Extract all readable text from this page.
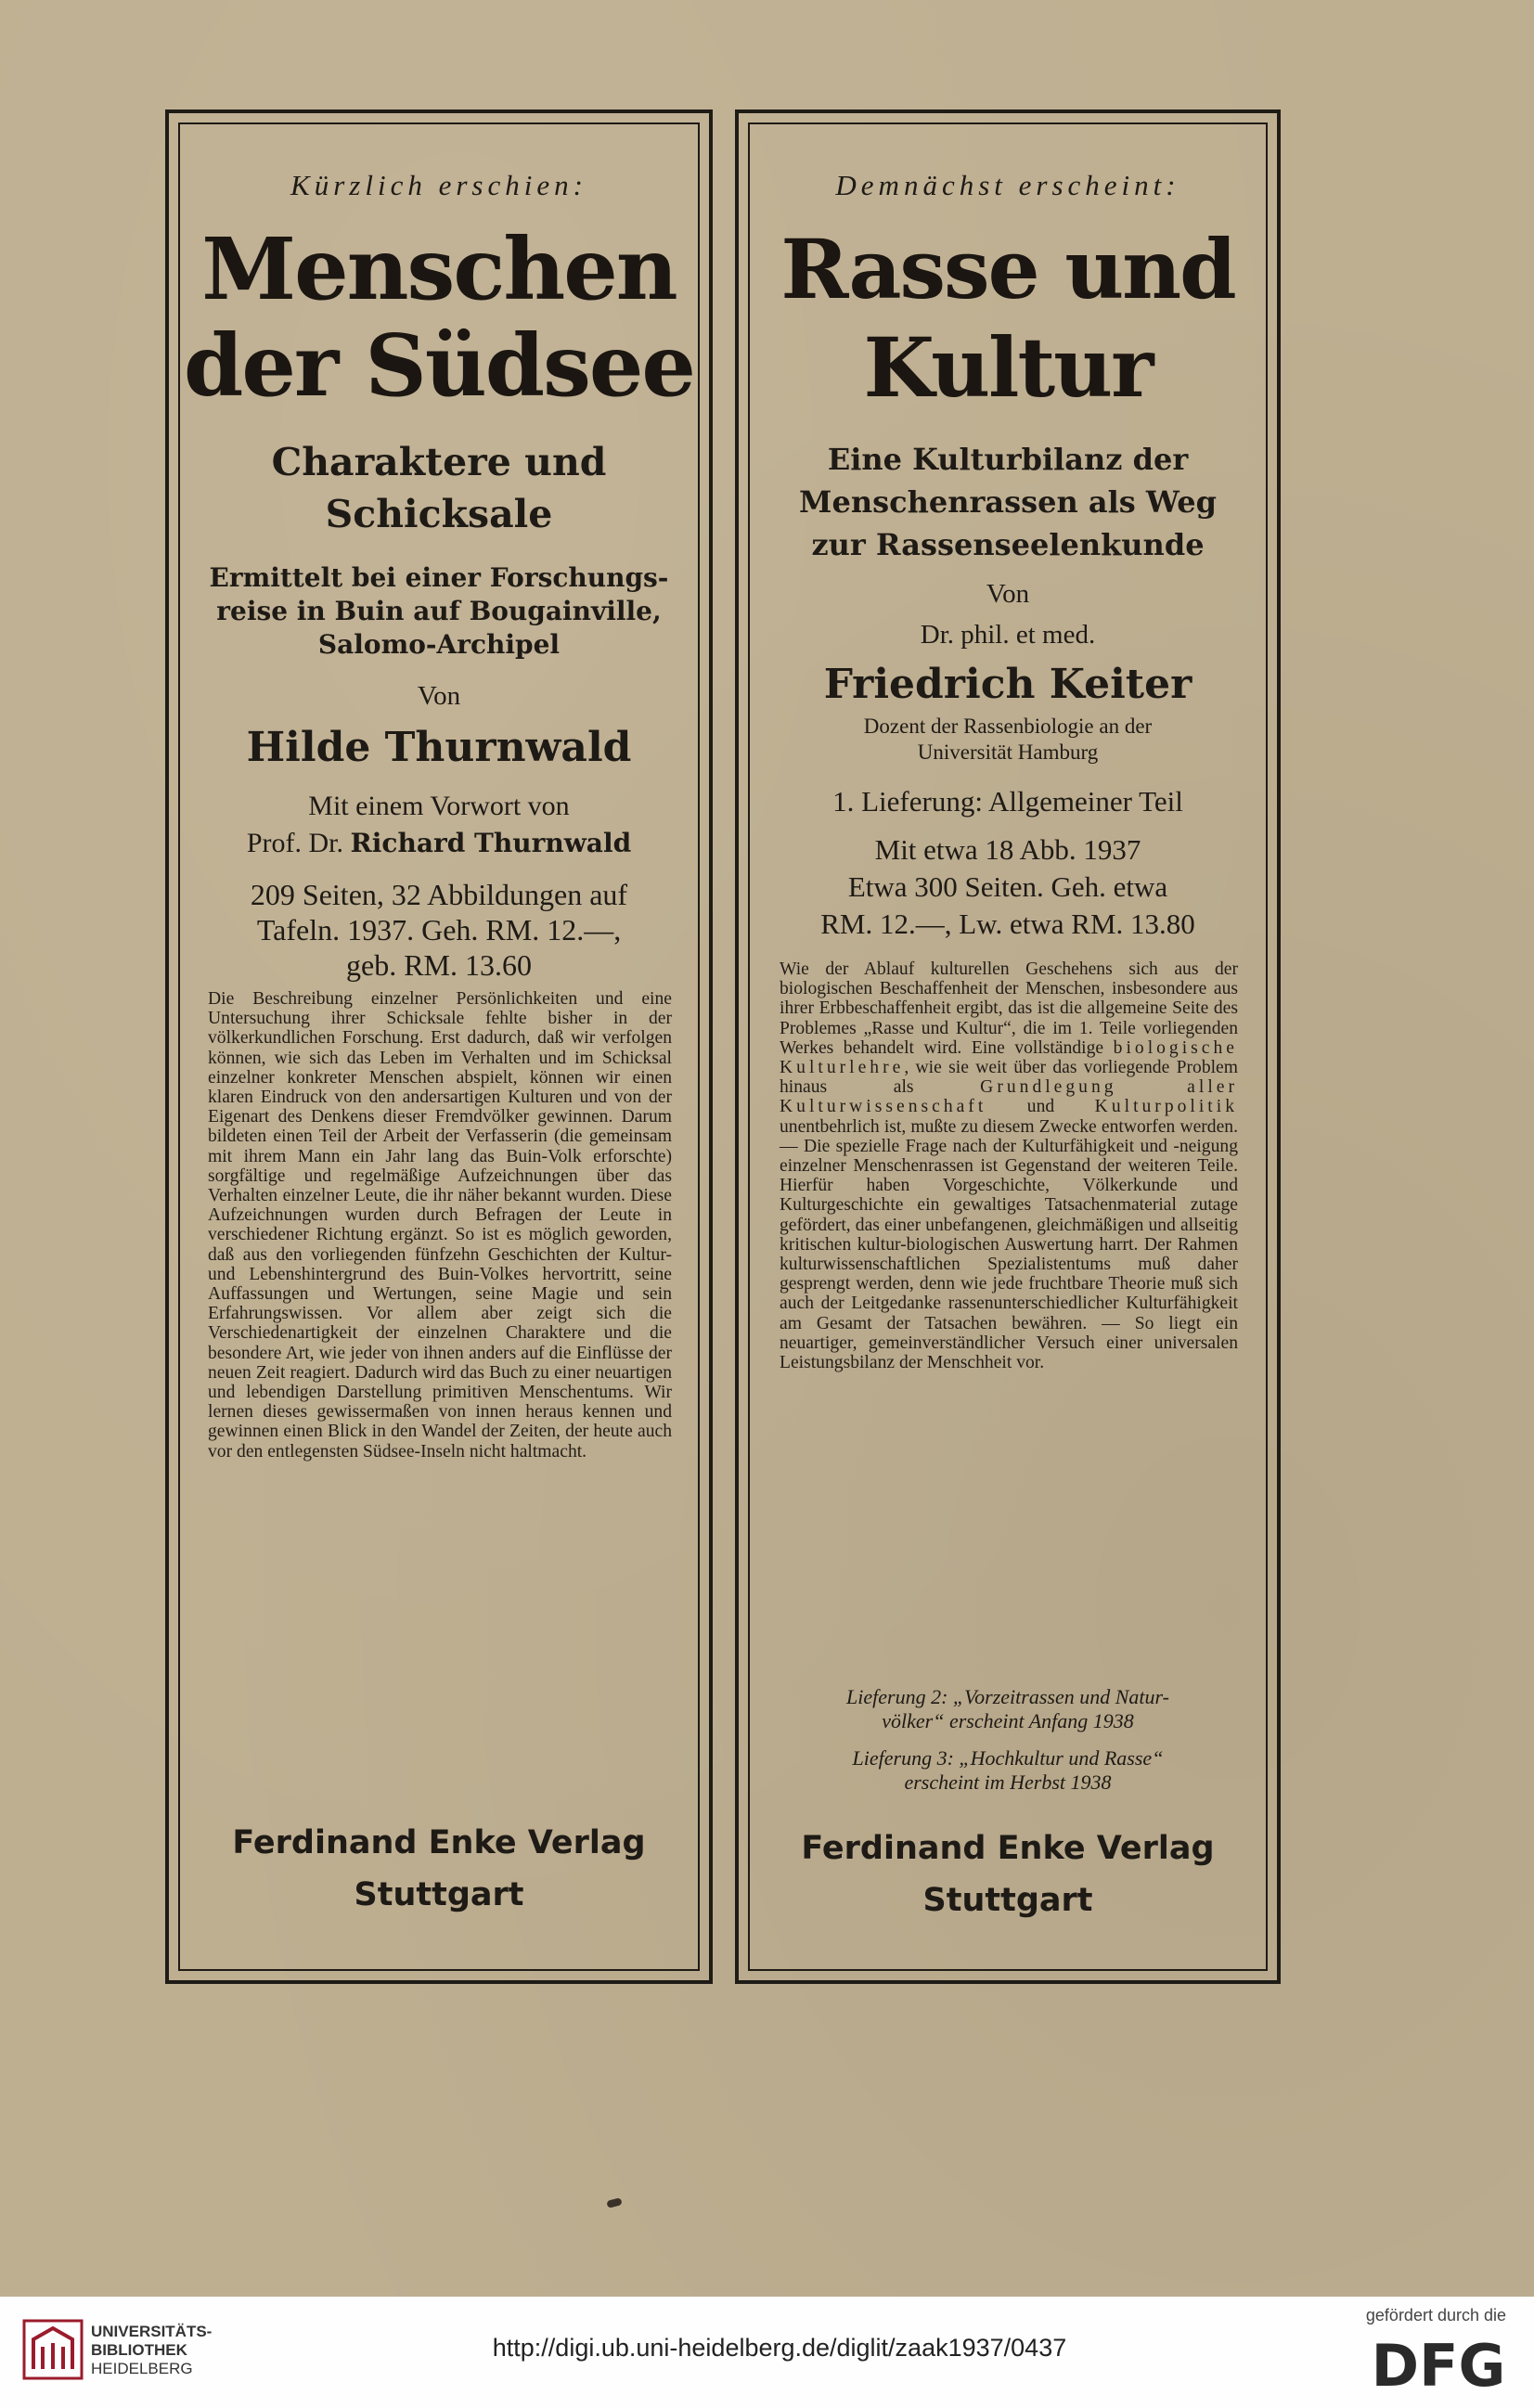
Kürzlich erschien:
Menschen
der Südsee
Charaktere und
Schicksale
Ermittelt bei einer Forschungs-
reise in Buin auf Bougainville,
Salomo-Archipel
Von
Hilde Thurnwald
Mit einem Vorwort von
Prof. Dr. Richard Thurnwald
209 Seiten, 32 Abbildungen auf
Tafeln. 1937. Geh. RM. 12.—,
geb. RM. 13.60
Die Beschreibung einzelner Persönlichkeiten und eine Untersuchung ihrer Schicksale fehlte bisher in der völkerkundlichen Forschung. Erst dadurch, daß wir verfolgen können, wie sich das Leben im Verhalten und im Schicksal einzelner konkreter Menschen abspielt, können wir einen klaren Eindruck von den andersartigen Kulturen und von der Eigenart des Denkens dieser Fremdvölker gewinnen. Darum bildeten einen Teil der Arbeit der Verfasserin (die gemeinsam mit ihrem Mann ein Jahr lang das Buin-Volk erforschte) sorgfältige und regelmäßige Aufzeichnungen über das Verhalten einzelner Leute, die ihr näher bekannt wurden. Diese Aufzeichnungen wurden durch Befragen der Leute in verschiedener Richtung ergänzt. So ist es möglich geworden, daß aus den vorliegenden fünfzehn Geschichten der Kultur- und Lebenshintergrund des Buin-Volkes hervortritt, seine Auffassungen und Wertungen, seine Magie und sein Erfahrungswissen. Vor allem aber zeigt sich die Verschiedenartigkeit der einzelnen Charaktere und die besondere Art, wie jeder von ihnen anders auf die Einflüsse der neuen Zeit reagiert. Dadurch wird das Buch zu einer neuartigen und lebendigen Darstellung primitiven Menschentums. Wir lernen dieses gewissermaßen von innen heraus kennen und gewinnen einen Blick in den Wandel der Zeiten, der heute auch vor den entlegensten Südsee-Inseln nicht haltmacht.
Ferdinand Enke Verlag
Stuttgart
Demnächst erscheint:
Rasse und
Kultur
Eine Kulturbilanz der
Menschenrassen als Weg
zur Rassenseelenkunde
Von
Dr. phil. et med.
Friedrich Keiter
Dozent der Rassenbiologie an der
Universität Hamburg
1. Lieferung: Allgemeiner Teil
Mit etwa 18 Abb. 1937
Etwa 300 Seiten. Geh. etwa
RM. 12.—, Lw. etwa RM. 13.80
Wie der Ablauf kulturellen Geschehens sich aus der biologischen Beschaffenheit der Menschen, insbesondere aus ihrer Erbbeschaffenheit ergibt, das ist die allgemeine Seite des Problemes „Rasse und Kultur“, die im 1. Teile vorliegenden Werkes behandelt wird. Eine vollständige biologische Kulturlehre, wie sie weit über das vorliegende Problem hinaus als	Grundlegung aller Kulturwissenschaft und Kulturpolitik unentbehrlich ist, mußte zu diesem Zwecke entworfen werden. — Die spezielle Frage nach der Kulturfähigkeit und -neigung einzelner Menschenrassen ist Gegenstand der weiteren Teile. Hierfür haben Vorgeschichte, Völkerkunde und Kulturgeschichte ein gewaltiges Tatsachenmaterial zutage gefördert, das einer unbefangenen, gleichmäßigen und allseitig kritischen kultur-biologischen Auswertung harrt. Der Rahmen kulturwissenschaftlichen Spezialistentums muß daher gesprengt werden, denn wie jede fruchtbare Theorie muß sich auch der Leitgedanke rassenunterschiedlicher Kulturfähigkeit am Gesamt der Tatsachen bewähren. — So liegt ein neuartiger, gemeinverständlicher Versuch einer universalen Leistungsbilanz der Menschheit vor.
Lieferung 2: „Vorzeitrassen und Natur-
völker“ erscheint Anfang 1938
Lieferung 3: „Hochkultur und Rasse“
erscheint im Herbst 1938
Ferdinand Enke Verlag
Stuttgart
UNIVERSITÄTS-
BIBLIOTHEK
HEIDELBERG
http://digi.ub.uni-heidelberg.de/diglit/zaak1937/0437
gefördert durch die
DFG
